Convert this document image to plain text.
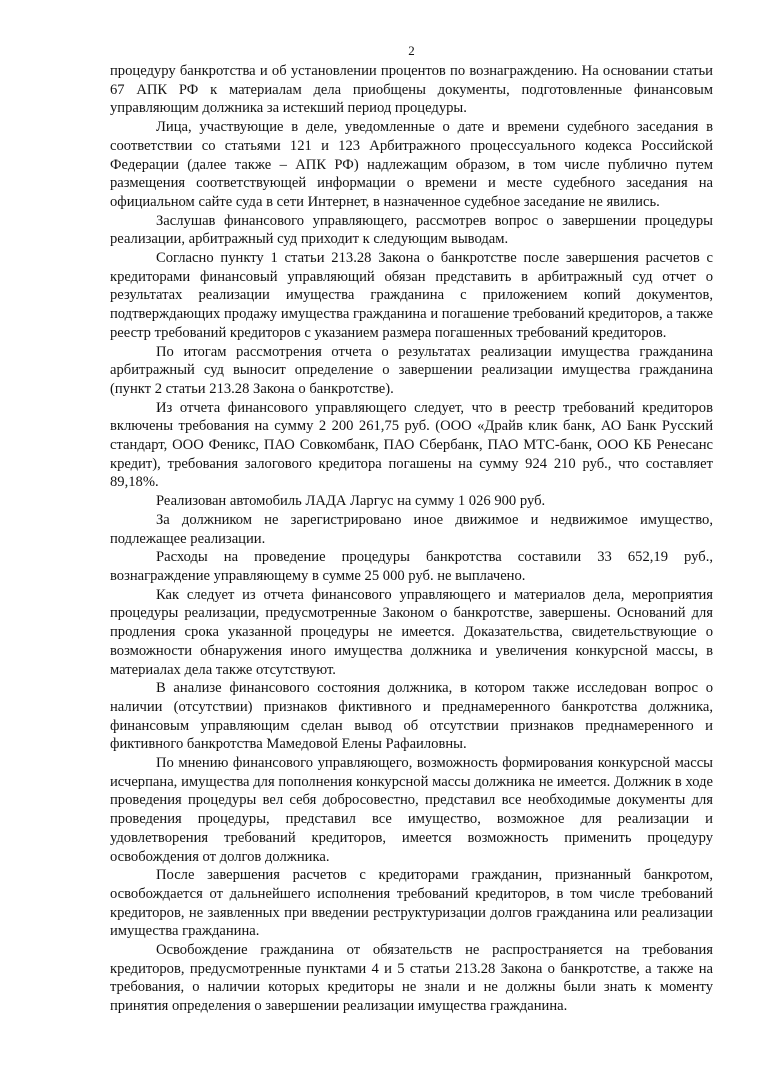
2

процедуру банкротства и об установлении процентов по вознаграждению. На основании статьи 67 АПК РФ к материалам дела приобщены документы, подготовленные финансовым управляющим должника за истекший период процедуры.

Лица, участвующие в деле, уведомленные о дате и времени судебного заседания в соответствии со статьями 121 и 123 Арбитражного процессуального кодекса Российской Федерации (далее также – АПК РФ) надлежащим образом, в том числе публично путем размещения соответствующей информации о времени и месте судебного заседания на официальном сайте суда в сети Интернет, в назначенное судебное заседание не явились.

Заслушав финансового управляющего, рассмотрев вопрос о завершении процедуры реализации, арбитражный суд приходит к следующим выводам.

Согласно пункту 1 статьи 213.28 Закона о банкротстве после завершения расчетов с кредиторами финансовый управляющий обязан представить в арбитражный суд отчет о результатах реализации имущества гражданина с приложением копий документов, подтверждающих продажу имущества гражданина и погашение требований кредиторов, а также реестр требований кредиторов с указанием размера погашенных требований кредиторов.

По итогам рассмотрения отчета о результатах реализации имущества гражданина арбитражный суд выносит определение о завершении реализации имущества гражданина (пункт 2 статьи 213.28 Закона о банкротстве).

Из отчета финансового управляющего следует, что в реестр требований кредиторов включены требования на сумму 2 200 261,75 руб. (ООО «Драйв клик банк, АО Банк Русский стандарт, ООО Феникс, ПАО Совкомбанк, ПАО Сбербанк, ПАО МТС-банк, ООО КБ Ренесанс кредит), требования залогового кредитора погашены на сумму 924 210 руб., что составляет 89,18%.

Реализован автомобиль ЛАДА Ларгус на сумму 1 026 900 руб.

За должником не зарегистрировано иное движимое и недвижимое имущество, подлежащее реализации.

Расходы на проведение процедуры банкротства составили 33 652,19 руб., вознаграждение управляющему в сумме 25 000 руб. не выплачено.

Как следует из отчета финансового управляющего и материалов дела, мероприятия процедуры реализации, предусмотренные Законом о банкротстве, завершены. Оснований для продления срока указанной процедуры не имеется. Доказательства, свидетельствующие о возможности обнаружения иного имущества должника и увеличения конкурсной массы, в материалах дела также отсутствуют.

В анализе финансового состояния должника, в котором также исследован вопрос о наличии (отсутствии) признаков фиктивного и преднамеренного банкротства должника, финансовым управляющим сделан вывод об отсутствии признаков преднамеренного и фиктивного банкротства Мамедовой Елены Рафаиловны.

По мнению финансового управляющего, возможность формирования конкурсной массы исчерпана, имущества для пополнения конкурсной массы должника не имеется. Должник в ходе проведения процедуры вел себя добросовестно, представил все необходимые документы для проведения процедуры, представил все имущество, возможное для реализации и удовлетворения требований кредиторов, имеется возможность применить процедуру освобождения от долгов должника.

После завершения расчетов с кредиторами гражданин, признанный банкротом, освобождается от дальнейшего исполнения требований кредиторов, в том числе требований кредиторов, не заявленных при введении реструктуризации долгов гражданина или реализации имущества гражданина.

Освобождение гражданина от обязательств не распространяется на требования кредиторов, предусмотренные пунктами 4 и 5 статьи 213.28 Закона о банкротстве, а также на требования, о наличии которых кредиторы не знали и не должны были знать к моменту принятия определения о завершении реализации имущества гражданина.
